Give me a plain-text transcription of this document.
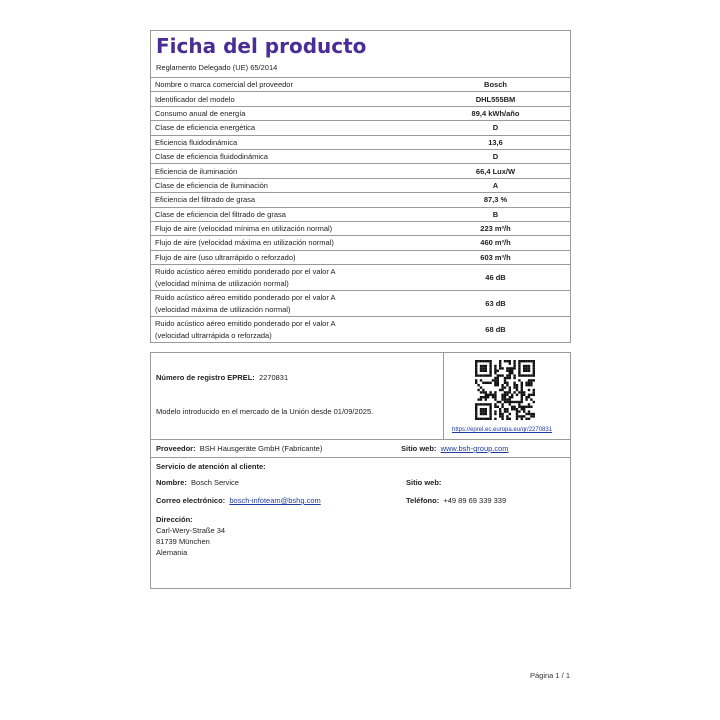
Ficha del producto
Reglamento Delegado (UE) 65/2014
Nombre o marca comercial del proveedor	Bosch
Identificador del modelo	DHL555BM
Consumo anual de energía	89,4 kWh/año
Clase de eficiencia energética	D
Eficiencia fluidodinámica	13,6
Clase de eficiencia fluidodinámica	D
Eficiencia de iluminación	66,4 Lux/W
Clase de eficiencia de iluminación	A
Eficiencia del filtrado de grasa	87,3 %
Clase de eficiencia del filtrado de grasa	B
Flujo de aire (velocidad mínima en utilización normal)	223 m³/h
Flujo de aire (velocidad máxima en utilización normal)	460 m³/h
Flujo de aire (uso ultrarrápido o reforzado)	603 m³/h

Ruido acústico aéreo emitido ponderado por el valor A
(velocidad mínima de utilización normal)	46 dB

Ruido acústico aéreo emitido ponderado por el valor A
(velocidad máxima de utilización normal)	63 dB

Ruido acústico aéreo emitido ponderado por el valor A
(velocidad ultrarrápida o reforzada)	68 dB
Número de registro EPREL: 2270831
Modelo introducido en el mercado de la Unión desde 01/09/2025.
https://eprel.ec.europa.eu/qr/2270831
Proveedor: BSH Hausgeräte GmbH (Fabricante)	Sitio web: www.bsh-group.com
Servicio de atención al cliente:
Nombre: Bosch Service	Sitio web:
Correo electrónico: bosch-infoteam@bshg.com	Teléfono: +49 89 69 339 339
Dirección:
Carl-Wery-Straße 34
81739 München
Alemania
Página 1 / 1
